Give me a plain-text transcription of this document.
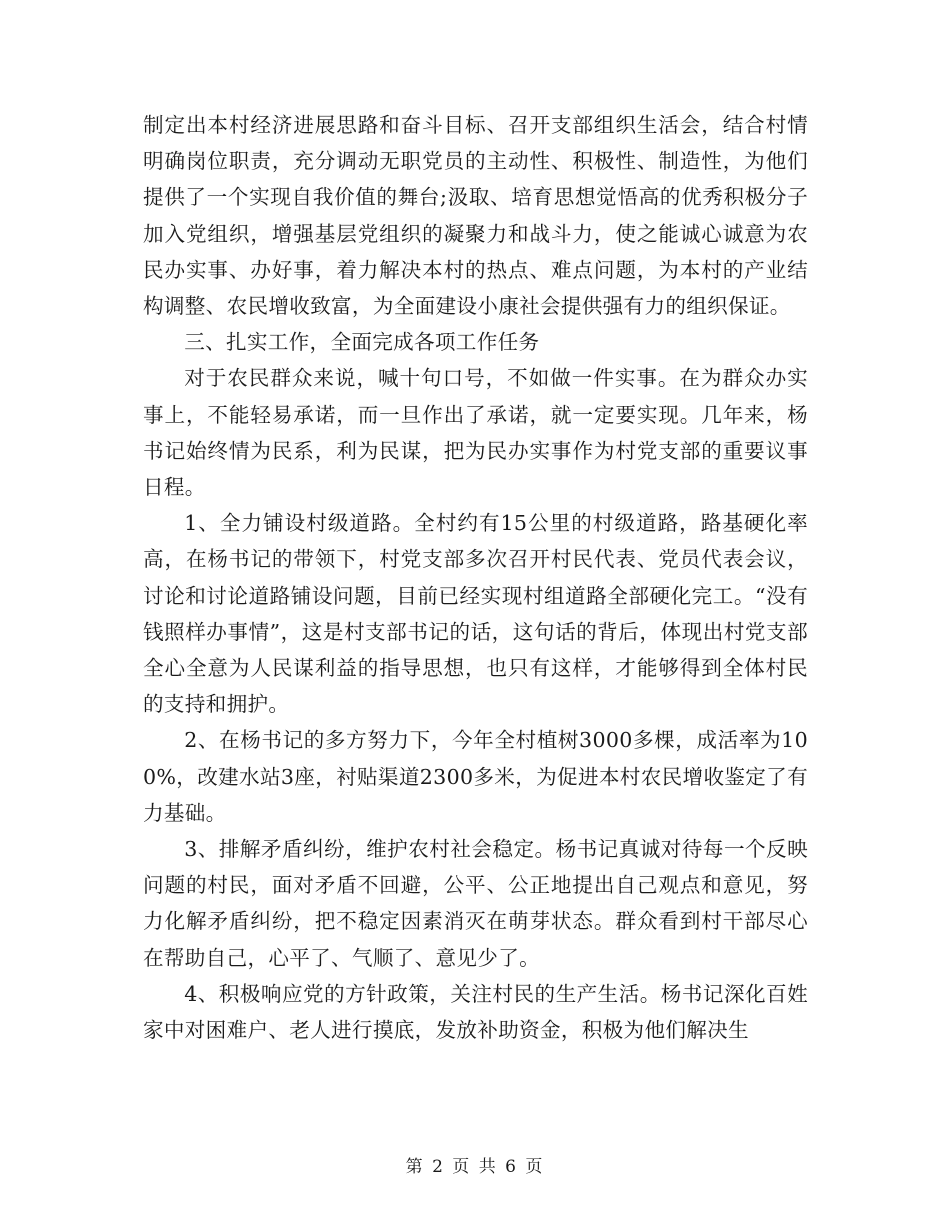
制定出本村经济进展思路和奋斗目标、召开支部组织生活会，结合村情明确岗位职责，充分调动无职党员的主动性、积极性、制造性，为他们提供了一个实现自我价值的舞台;汲取、培育思想觉悟高的优秀积极分子加入党组织，增强基层党组织的凝聚力和战斗力，使之能诚心诚意为农民办实事、办好事，着力解决本村的热点、难点问题，为本村的产业结构调整、农民增收致富，为全面建设小康社会提供强有力的组织保证。

三、扎实工作，全面完成各项工作任务

对于农民群众来说，喊十句口号，不如做一件实事。在为群众办实事上，不能轻易承诺，而一旦作出了承诺，就一定要实现。几年来，杨书记始终情为民系，利为民谋，把为民办实事作为村党支部的重要议事日程。

1、全力铺设村级道路。全村约有15公里的村级道路，路基硬化率高，在杨书记的带领下，村党支部多次召开村民代表、党员代表会议，讨论和讨论道路铺设问题，目前已经实现村组道路全部硬化完工。“没有钱照样办事情”，这是村支部书记的话，这句话的背后，体现出村党支部全心全意为人民谋利益的指导思想，也只有这样，才能够得到全体村民的支持和拥护。

2、在杨书记的多方努力下，今年全村植树3000多棵，成活率为100%，改建水站3座，衬贴渠道2300多米，为促进本村农民增收鉴定了有力基础。

3、排解矛盾纠纷，维护农村社会稳定。杨书记真诚对待每一个反映问题的村民，面对矛盾不回避，公平、公正地提出自己观点和意见，努力化解矛盾纠纷，把不稳定因素消灭在萌芽状态。群众看到村干部尽心在帮助自己，心平了、气顺了、意见少了。

4、积极响应党的方针政策，关注村民的生产生活。杨书记深化百姓家中对困难户、老人进行摸底，发放补助资金，积极为他们解决生

第 2 页 共 6 页
